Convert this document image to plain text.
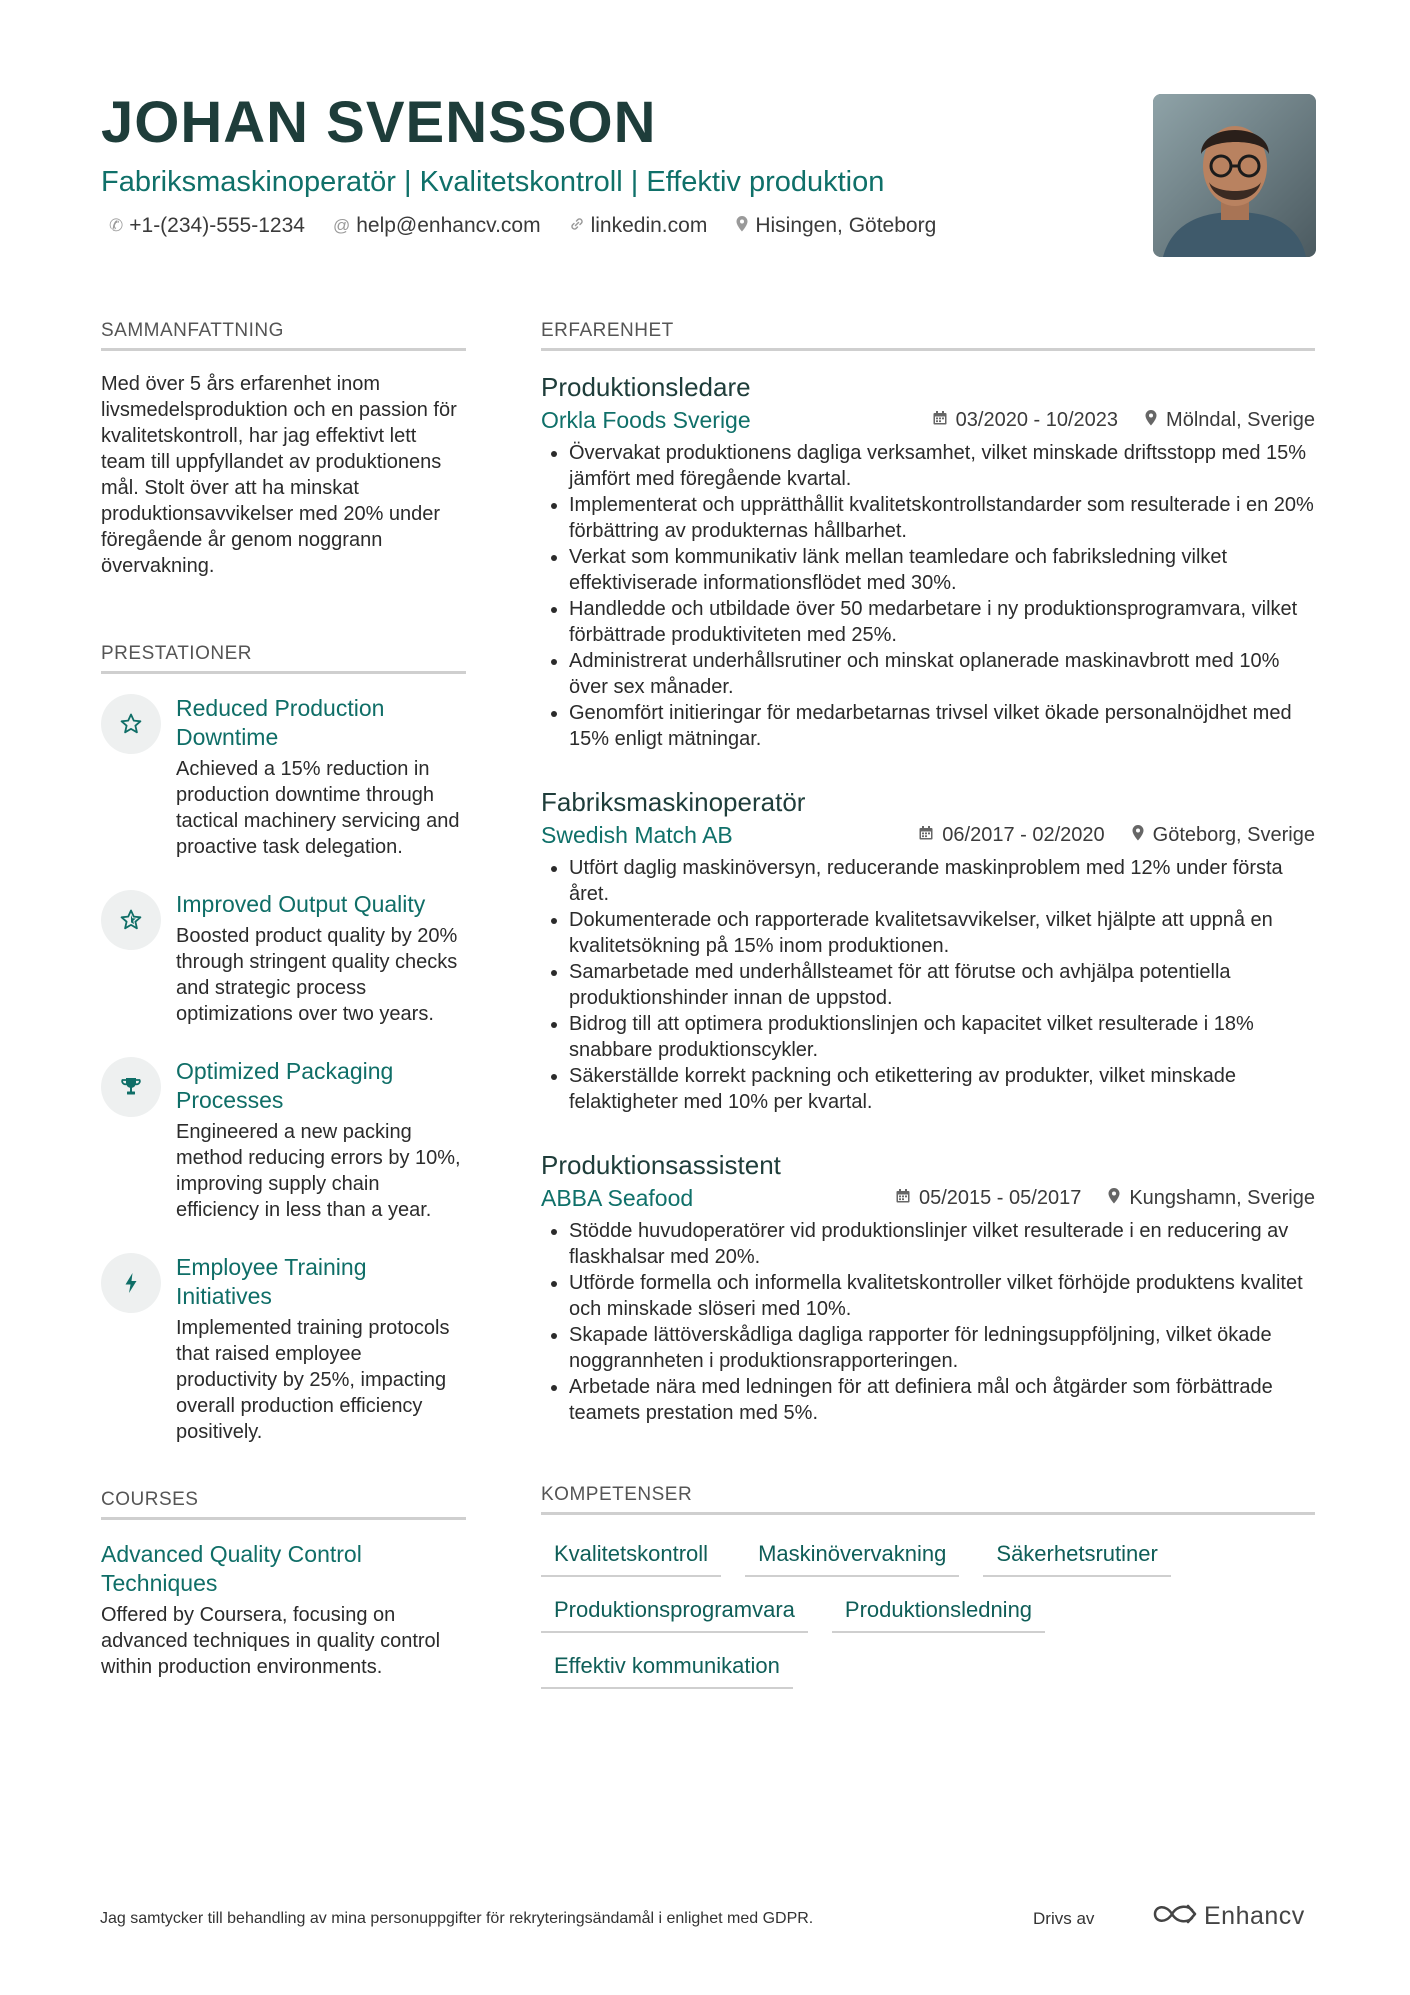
JOHAN SVENSSON
Fabriksmaskinoperatör | Kvalitetskontroll | Effektiv produktion
✆ +1-(234)-555-1234 @ help@enhancv.com linkedin.com Hisingen, Göteborg
SAMMANFATTNING
Med över 5 års erfarenhet inom livsmedelsproduktion och en passion för kvalitetskontroll, har jag effektivt lett team till uppfyllandet av produktionens mål. Stolt över att ha minskat produktionsavvikelser med 20% under föregående år genom noggrann övervakning.
PRESTATIONER
Reduced Production Downtime
Achieved a 15% reduction in production downtime through tactical machinery servicing and proactive task delegation.
Improved Output Quality
Boosted product quality by 20% through stringent quality checks and strategic process optimizations over two years.
Optimized Packaging Processes
Engineered a new packing method reducing errors by 10%, improving supply chain efficiency in less than a year.
Employee Training Initiatives
Implemented training protocols that raised employee productivity by 25%, impacting overall production efficiency positively.
COURSES
Advanced Quality Control Techniques
Offered by Coursera, focusing on advanced techniques in quality control within production environments.
ERFARENHET
Produktionsledare
Orkla Foods Sverige	03/2020 - 10/2023 Mölndal, Sverige
• Övervakat produktionens dagliga verksamhet, vilket minskade driftsstopp med 15% jämfört med föregående kvartal.
• Implementerat och upprätthållit kvalitetskontrollstandarder som resulterade i en 20% förbättring av produkternas hållbarhet.
• Verkat som kommunikativ länk mellan teamledare och fabriksledning vilket effektiviserade informationsflödet med 30%.
• Handledde och utbildade över 50 medarbetare i ny produktionsprogramvara, vilket förbättrade produktiviteten med 25%.
• Administrerat underhållsrutiner och minskat oplanerade maskinavbrott med 10% över sex månader.
• Genomfört initieringar för medarbetarnas trivsel vilket ökade personalnöjdhet med 15% enligt mätningar.
Fabriksmaskinoperatör
Swedish Match AB	06/2017 - 02/2020 Göteborg, Sverige
• Utfört daglig maskinöversyn, reducerande maskinproblem med 12% under första året.
• Dokumenterade och rapporterade kvalitetsavvikelser, vilket hjälpte att uppnå en kvalitetsökning på 15% inom produktionen.
• Samarbetade med underhållsteamet för att förutse och avhjälpa potentiella produktionshinder innan de uppstod.
• Bidrog till att optimera produktionslinjen och kapacitet vilket resulterade i 18% snabbare produktionscykler.
• Säkerställde korrekt packning och etikettering av produkter, vilket minskade felaktigheter med 10% per kvartal.
Produktionsassistent
ABBA Seafood	05/2015 - 05/2017 Kungshamn, Sverige
• Stödde huvudoperatörer vid produktionslinjer vilket resulterade i en reducering av flaskhalsar med 20%.
• Utförde formella och informella kvalitetskontroller vilket förhöjde produktens kvalitet och minskade slöseri med 10%.
• Skapade lättöverskådliga dagliga rapporter för ledningsuppföljning, vilket ökade noggrannheten i produktionsrapporteringen.
• Arbetade nära med ledningen för att definiera mål och åtgärder som förbättrade teamets prestation med 5%.
KOMPETENSER
Kvalitetskontroll	Maskinövervakning	Säkerhetsrutiner
Produktionsprogramvara	Produktionsledning
Effektiv kommunikation
Jag samtycker till behandling av mina personuppgifter för rekryteringsändamål i enlighet med GDPR.	Drivs av	Enhancv
